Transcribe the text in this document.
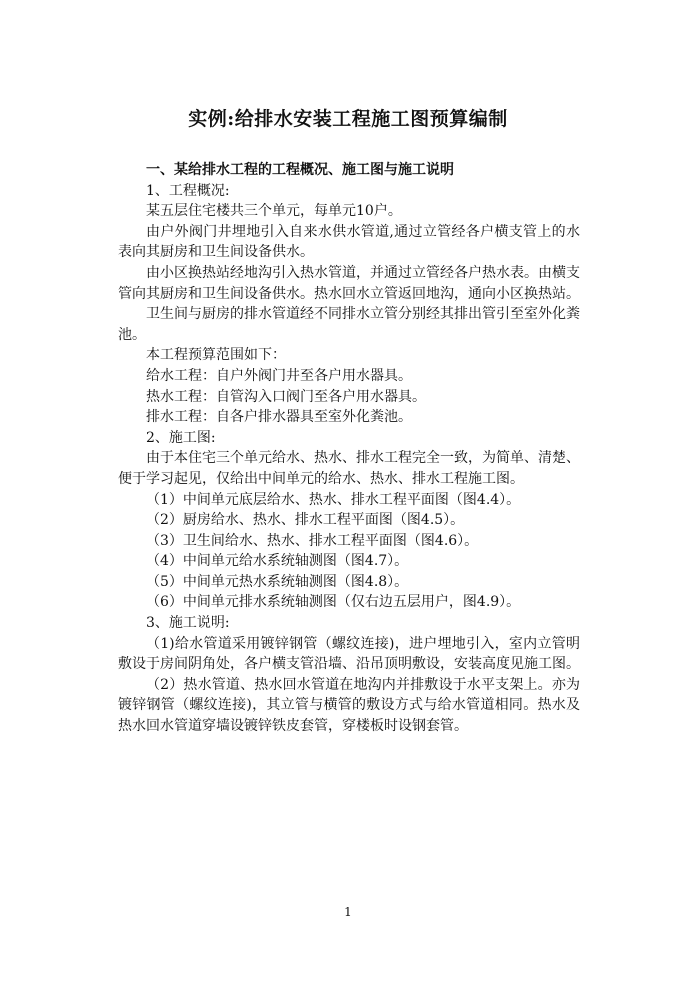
实例:给排水安装工程施工图预算编制

一、某给排水工程的工程概况、施工图与施工说明

1、工程概况:

某五层住宅楼共三个单元，每单元10户。

由户外阀门井埋地引入自来水供水管道,通过立管经各户横支管上的水表向其厨房和卫生间设备供水。

由小区换热站经地沟引入热水管道，并通过立管经各户热水表。由横支管向其厨房和卫生间设备供水。热水回水立管返回地沟，通向小区换热站。

卫生间与厨房的排水管道经不同排水立管分别经其排出管引至室外化粪池。

本工程预算范围如下：

给水工程：自户外阀门井至各户用水器具。

热水工程：自管沟入口阀门至各户用水器具。

排水工程：自各户排水器具至室外化粪池。

2、施工图:

由于本住宅三个单元给水、热水、排水工程完全一致，为简单、清楚、便于学习起见，仅给出中间单元的给水、热水、排水工程施工图。

（1）中间单元底层给水、热水、排水工程平面图（图4.4）。

（2）厨房给水、热水、排水工程平面图（图4.5）。

（3）卫生间给水、热水、排水工程平面图（图4.6）。

（4）中间单元给水系统轴测图（图4.7）。

（5）中间单元热水系统轴测图（图4.8）。

（6）中间单元排水系统轴测图（仅右边五层用户，图4.9）。

3、施工说明:

（1)给水管道采用镀锌钢管（螺纹连接)，进户埋地引入，室内立管明敷设于房间阴角处，各户横支管沿墙、沿吊顶明敷设，安装高度见施工图。

（2）热水管道、热水回水管道在地沟内并排敷设于水平支架上。亦为镀锌钢管（螺纹连接)，其立管与横管的敷设方式与给水管道相同。热水及热水回水管道穿墙设镀锌铁皮套管，穿楼板时设钢套管。

1
